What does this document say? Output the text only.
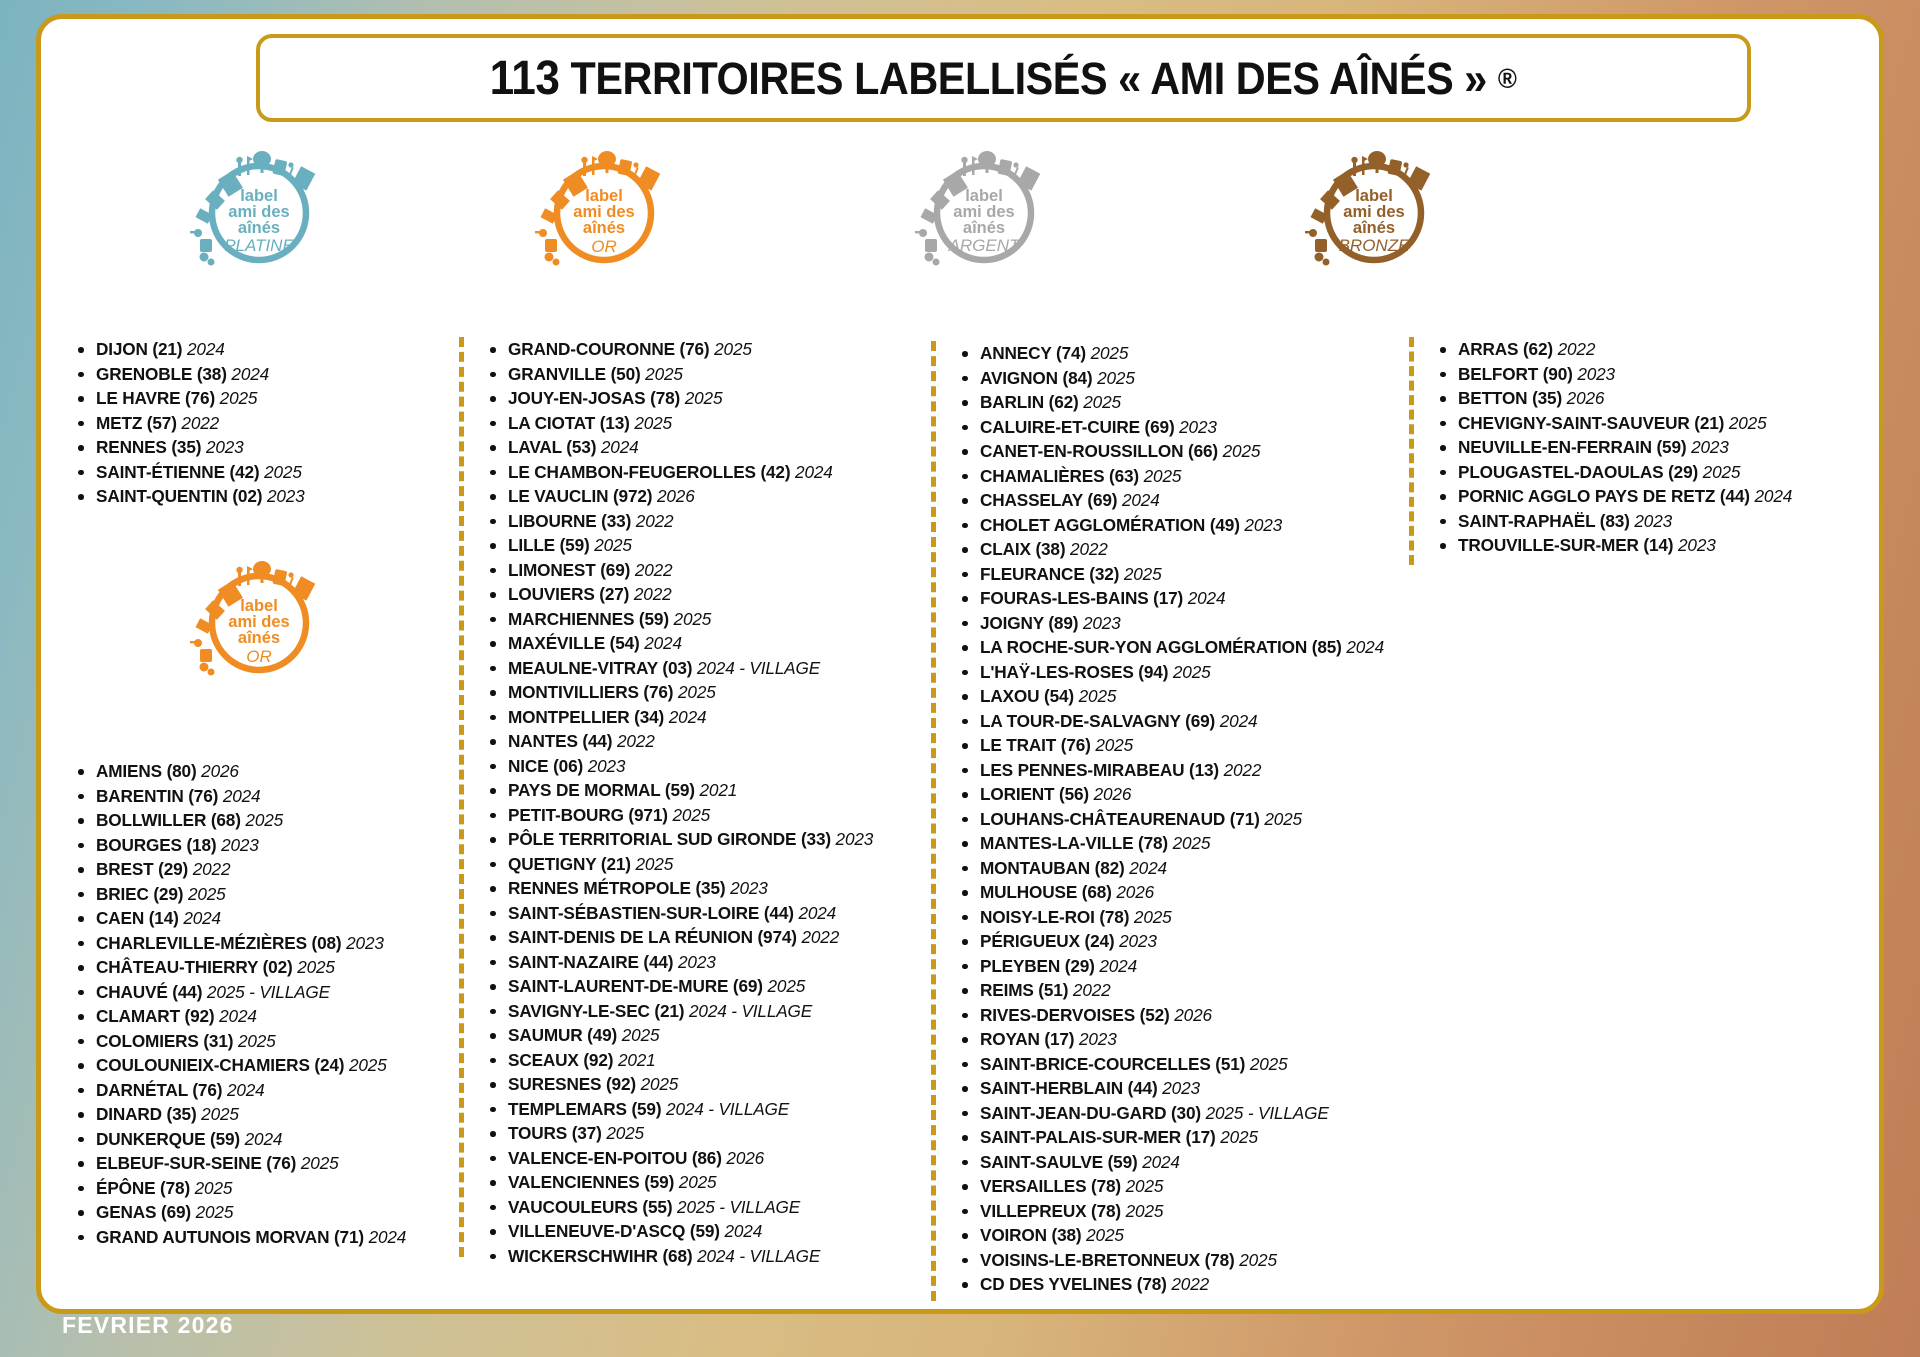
113 TERRITOIRES LABELLISÉS « AMI DES AÎNÉS » ®
label
ami des
aînés
PLATINE
label
ami des
aînés
OR
label
ami des
aînés
ARGENT
label
ami des
aînés
BRONZE
label
ami des
aînés
OR
DIJON (21) 2024
GRENOBLE (38) 2024
LE HAVRE (76) 2025
METZ (57) 2022
RENNES (35) 2023
SAINT-ÉTIENNE (42) 2025
SAINT-QUENTIN (02) 2023
AMIENS (80) 2026
BARENTIN (76) 2024
BOLLWILLER (68) 2025
BOURGES (18) 2023
BREST (29) 2022
BRIEC (29) 2025
CAEN (14) 2024
CHARLEVILLE-MÉZIÈRES (08) 2023
CHÂTEAU-THIERRY (02) 2025
CHAUVÉ (44) 2025 - VILLAGE
CLAMART (92) 2024
COLOMIERS (31) 2025
COULOUNIEIX-CHAMIERS (24) 2025
DARNÉTAL (76) 2024
DINARD (35) 2025
DUNKERQUE (59) 2024
ELBEUF-SUR-SEINE (76) 2025
ÉPÔNE (78) 2025
GENAS (69) 2025
GRAND AUTUNOIS MORVAN (71) 2024
GRAND-COURONNE (76) 2025
GRANVILLE (50) 2025
JOUY-EN-JOSAS (78) 2025
LA CIOTAT (13) 2025
LAVAL (53) 2024
LE CHAMBON-FEUGEROLLES (42) 2024
LE VAUCLIN (972) 2026
LIBOURNE (33) 2022
LILLE (59) 2025
LIMONEST (69) 2022
LOUVIERS (27) 2022
MARCHIENNES (59) 2025
MAXÉVILLE (54) 2024
MEAULNE-VITRAY (03) 2024 - VILLAGE
MONTIVILLIERS (76) 2025
MONTPELLIER (34) 2024
NANTES (44) 2022
NICE (06) 2023
PAYS DE MORMAL (59) 2021
PETIT-BOURG (971) 2025
PÔLE TERRITORIAL SUD GIRONDE (33) 2023
QUETIGNY (21) 2025
RENNES MÉTROPOLE (35) 2023
SAINT-SÉBASTIEN-SUR-LOIRE (44) 2024
SAINT-DENIS DE LA RÉUNION (974) 2022
SAINT-NAZAIRE (44) 2023
SAINT-LAURENT-DE-MURE (69) 2025
SAVIGNY-LE-SEC (21) 2024 - VILLAGE
SAUMUR (49) 2025
SCEAUX (92) 2021
SURESNES (92) 2025
TEMPLEMARS (59) 2024 - VILLAGE
TOURS (37) 2025
VALENCE-EN-POITOU (86) 2026
VALENCIENNES (59) 2025
VAUCOULEURS (55) 2025 - VILLAGE
VILLENEUVE-D'ASCQ (59) 2024
WICKERSCHWIHR (68) 2024 - VILLAGE
ANNECY (74) 2025
AVIGNON (84) 2025
BARLIN (62) 2025
CALUIRE-ET-CUIRE (69) 2023
CANET-EN-ROUSSILLON (66) 2025
CHAMALIÈRES (63) 2025
CHASSELAY (69) 2024
CHOLET AGGLOMÉRATION (49) 2023
CLAIX (38) 2022
FLEURANCE (32) 2025
FOURAS-LES-BAINS (17) 2024
JOIGNY (89) 2023
LA ROCHE-SUR-YON AGGLOMÉRATION (85) 2024
L'HAŸ-LES-ROSES (94) 2025
LAXOU (54) 2025
LA TOUR-DE-SALVAGNY (69) 2024
LE TRAIT (76) 2025
LES PENNES-MIRABEAU (13) 2022
LORIENT (56) 2026
LOUHANS-CHÂTEAURENAUD (71) 2025
MANTES-LA-VILLE (78) 2025
MONTAUBAN (82) 2024
MULHOUSE (68) 2026
NOISY-LE-ROI (78) 2025
PÉRIGUEUX (24) 2023
PLEYBEN (29) 2024
REIMS (51) 2022
RIVES-DERVOISES (52) 2026
ROYAN (17) 2023
SAINT-BRICE-COURCELLES (51) 2025
SAINT-HERBLAIN (44) 2023
SAINT-JEAN-DU-GARD (30) 2025 - VILLAGE
SAINT-PALAIS-SUR-MER (17) 2025
SAINT-SAULVE (59) 2024
VERSAILLES (78) 2025
VILLEPREUX (78) 2025
VOIRON (38) 2025
VOISINS-LE-BRETONNEUX (78) 2025
CD DES YVELINES (78) 2022
ARRAS (62) 2022
BELFORT (90) 2023
BETTON (35) 2026
CHEVIGNY-SAINT-SAUVEUR (21) 2025
NEUVILLE-EN-FERRAIN (59) 2023
PLOUGASTEL-DAOULAS (29) 2025
PORNIC AGGLO PAYS DE RETZ (44) 2024
SAINT-RAPHAËL (83) 2023
TROUVILLE-SUR-MER (14) 2023
FEVRIER 2026
